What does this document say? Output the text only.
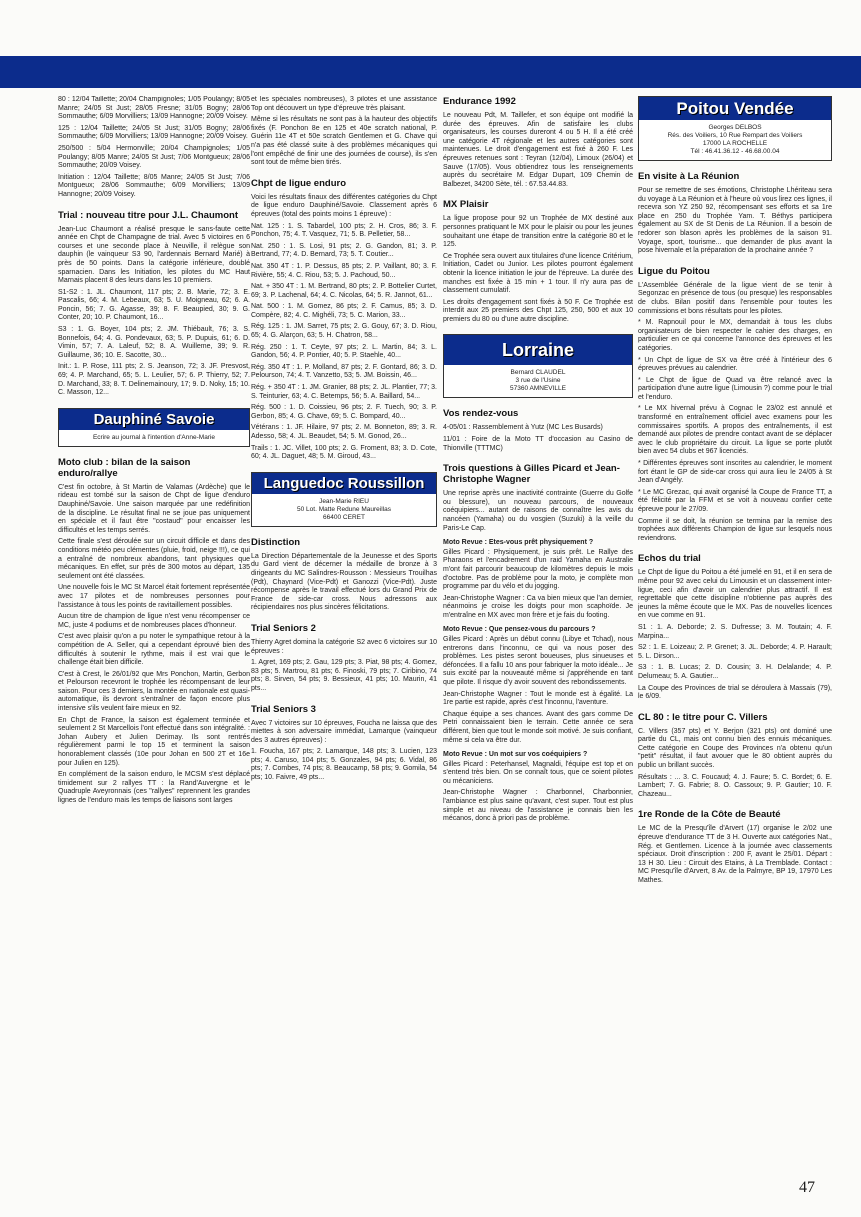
80 : 12/04 Taillette; 20/04 Champignoles; 1/05 Poulangy; 8/05 Manre; 24/05 St Just; 28/05 Fresne; 31/05 Bogny; 28/06 Sommauthe; 6/09 Morvilliers; 13/09 Hannogne; 20/09 Voisey.

125 : 12/04 Taillette; 24/05 St Just; 31/05 Bogny; 28/06 Sommauthe; 6/09 Morvilliers; 13/09 Hannogne; 20/09 Voisey.

250/500 : 5/04 Hermonville; 20/04 Champignoles; 1/05 Poulangy; 8/05 Manre; 24/05 St Just; 7/06 Montgueux; 28/06 Sommauthe; 20/09 Voisey.

Initiation : 12/04 Taillette; 8/05 Manre; 24/05 St Just; 7/06 Montgueux; 28/06 Sommauthe; 6/09 Morvilliers; 13/09 Hannogne; 20/09 Voisey.

Trial : nouveau titre pour J.L. Chaumont

Jean-Luc Chaumont a réalisé presque le sans-faute cette année en Chpt de Champagne de trial. Avec 5 victoires en 6 courses et une seconde place à Neuville, il relègue son dauphin (le vainqueur S3 90, l'ardennais Bernard Marié) à près de 50 points. Dans la catégorie inférieure, doublé sparnacien. Dans les Initiation, les pilotes du MC Haut Marnais placent 8 des leurs dans les 10 premiers.

S1-S2 : 1. JL. Chaumont, 117 pts; 2. B. Marie, 72; 3. E. Pascalis, 66; 4. M. Lebeaux, 63; 5. U. Moigneau, 62; 6. A. Poncin, 56; 7. G. Agasse, 39; 8. F. Beaupied, 30; 9. G. Conter, 20; 10. P. Chaumont, 16...

S3 : 1. G. Boyer, 104 pts; 2. JM. Thiébault, 76; 3. S. Bonnefois, 64; 4. G. Pondevaux, 63; 5. P. Dupuis, 61; 6. D. Vimin, 57; 7. A. Laleuf, 52; 8. A. Wuilleme, 39; 9. R. Guillaume, 36; 10. E. Sacotte, 30...

Init.: 1. P. Rose, 111 pts; 2. S. Jeanson, 72; 3. JF. Presvost, 69; 4. P. Marchand, 65; 5. L. Leulier, 57; 6. P. Thierry, 52; 7. D. Marchand, 33; 8. T. Delinemainoury, 17; 9. D. Noky, 15; 10. C. Masson, 12...

Dauphiné Savoie
Ecrire au journal à l'intention d'Anne-Marie
Moto club : bilan de la saison enduro/rallye

C'est fin octobre, à St Martin de Valamas (Ardèche) que le rideau est tombé sur la saison de Chpt de ligue d'enduro Dauphiné/Savoie. Une saison marquée par une redéfinition de la discipline. Le résultat final ne se joue pas uniquement en spéciale et il faut être "costaud" pour encaisser les difficultés et les temps serrés.

Cette finale s'est déroulée sur un circuit difficile et dans des conditions météo peu clémentes (pluie, froid, neige !!!), ce qui a entraîné de nombreux abandons, tant physiques que mécaniques. En effet, sur près de 300 motos au départ, 135 seulement ont été classées.

Une nouvelle fois le MC St Marcel était fortement représentée avec 17 pilotes et de nombreuses personnes pour l'assistance à tous les points de ravitaillement possibles.

Aucun titre de champion de ligue n'est venu récompenser ce MC, juste 4 podiums et de nombreuses places d'honneur.

C'est avec plaisir qu'on a pu noter le sympathique retour à la compétition de A. Seller, qui a cependant éprouvé bien des difficultés à soutenir le rythme, mais il est vrai que le challenge était bien difficile.

C'est à Crest, le 26/01/92 que Mrs Ponchon, Martin, Gerbon et Pelourson recevront le trophée les récompensant de leur saison. Pour ces 3 derniers, la montée en nationale est quasi-automatique, ils devront s'entraîner de façon encore plus intensive s'ils veulent faire mieux en 92.

En Chpt de France, la saison est également terminée et seulement 2 St Marcellois l'ont effectué dans son intégralité. : Johan Aubery et Julien Derimay. Ils sont rentrés régulièrement parmi le top 15 et terminent la saison honorablement classés (10e pour Johan en 500 2T et 16e pour Julien en 125).

En complément de la saison enduro, le MCSM s'est déplacé timidement sur 2 rallyes TT : la Rand'Auvergne et le Quadruple Aveyronnais (ces "rallyes" reprennent les grandes lignes de l'enduro mais les temps de liaisons sont larges

et les spéciales nombreuses), 3 pilotes et une assistance Top ont découvert un type d'épreuve très plaisant.

Même si les résultats ne sont pas à la hauteur des objectifs fixés (F. Ponchon 8e en 125 et 40e scratch national, P. Guérin 11e 4T et 50e scratch Gentlemen et G. Chave qui n'a pas été classé suite à des problèmes mécaniques qui l'ont empêché de finir une des journées de course), ils s'en sont tout de même bien tirés.

Chpt de ligue enduro

Voici les résultats finaux des différentes catégories du Chpt de ligue enduro Dauphiné/Savoie. Classement après 6 épreuves (total des points moins 1 épreuve) :

Nat. 125 : 1. S. Tabardel, 100 pts; 2. H. Cros, 86; 3. F. Ponchon, 75; 4. T. Vasquez, 71; 5. B. Pelletier, 58...

Nat. 250 : 1. S. Losi, 91 pts; 2. G. Gandon, 81; 3. P. Bertrand, 77; 4. D. Bernard, 73; 5. T. Coutier...

Nat. 350 4T : 1. P. Dessus, 85 pts; 2. P. Vaillant, 80; 3. F. Rivière, 55; 4. C. Riou, 53; 5. J. Pachoud, 50...

Nat. + 350 4T : 1. M. Bertrand, 80 pts; 2. P. Bottelier Curtet, 69; 3. P. Lachenal, 64; 4. C. Nicolas, 64; 5. R. Jannot, 61...

Nat. 500 : 1. M. Gomez, 86 pts; 2. F. Camus, 85; 3. D. Compère, 82; 4. C. Mighéli, 73; 5. C. Marion, 33...

Rég. 125 : 1. JM. Sarret, 75 pts; 2. G. Gouy, 67; 3. D. Riou, 65; 4. G. Alarçon, 63; 5. H. Chatron, 58...

Rég. 250 : 1. T. Ceyte, 97 pts; 2. L. Martin, 84; 3. L. Gandon, 56; 4. P. Pontier, 40; 5. P. Staehle, 40...

Rég. 350 4T : 1. P. Molland, 87 pts; 2. F. Gontard, 86; 3. D. Pelourson, 74; 4. T. Vanzetto, 53; 5. JM. Boissin, 46...

Rég. + 350 4T : 1. JM. Granier, 88 pts; 2. JL. Plantier, 77; 3. S. Teinturier, 63; 4. C. Betemps, 56; 5. A. Baillard, 54...

Rég. 500 : 1. D. Coissieu, 96 pts; 2. F. Tuech, 90; 3. P. Gerbon, 85; 4. G. Chave, 69; 5. C. Bompard, 40...

Vétérans : 1. JF. Hilaire, 97 pts; 2. M. Bonneton, 89; 3. R. Adesso, 58; 4. JL. Beaudet, 54; 5. M. Gonod, 26...

Trails : 1. JC. Villet, 100 pts; 2. G. Froment, 83; 3. D. Cote, 60; 4. JL. Daguet, 48; 5. M. Giroud, 43...

Languedoc Roussillon
Jean-Marie RIEU
50 Lot. Matte Redune Maureillas
66400 CERET
Distinction

La Direction Départementale de la Jeunesse et des Sports du Gard vient de décerner la médaille de bronze à 3 dirigeants du MC Salindres-Rousson : Messieurs Trouilhas (Pdt), Chaynard (Vice-Pdt) et Ganozzi (Vice-Pdt). Juste récompense après le travail effectué lors du Grand Prix de France de side-car cross. Nous adressons aux récipiendaires nos plus sincères félicitations.

Trial Seniors 2

Thierry Agret domina la catégorie S2 avec 6 victoires sur 10 épreuves :

1. Agret, 169 pts; 2. Gau, 129 pts; 3. Piat, 98 pts; 4. Gomez, 83 pts; 5. Martrou, 81 pts; 6. Finoski, 79 pts; 7. Ciribino, 74 pts; 8. Sirven, 54 pts; 9. Bessieux, 41 pts; 10. Maurin, 41 pts...

Trial Seniors 3

Avec 7 victoires sur 10 épreuves, Foucha ne laissa que des miettes à son adversaire immédiat, Lamarque (vainqueur des 3 autres épreuves) :

1. Foucha, 167 pts; 2. Lamarque, 148 pts; 3. Lucien, 123 pts; 4. Caruso, 104 pts; 5. Gonzales, 94 pts; 6. Vidal, 86 pts; 7. Combes, 74 pts; 8. Beaucamp, 58 pts; 9. Gomila, 54 pts; 10. Faivre, 49 pts...

Endurance 1992

Le nouveau Pdt, M. Taillefer, et son équipe ont modifié la durée des épreuves. Afin de satisfaire les clubs organisateurs, les courses dureront 4 ou 5 H. Il a été créé une catégorie 4T régionale et les autres catégories sont maintenues. Le droit d'engagement est fixé à 260 F. Les épreuves retenues sont : Teyran (12/04), Limoux (26/04) et Sauve (17/05). Vous obtiendrez tous les renseignements auprès du secrétaire M. Edgar Dupart, 109 Chemin de Balbezet, 34200 Sète, tél. : 67.53.44.83.

MX Plaisir

La ligue propose pour 92 un Trophée de MX destiné aux personnes pratiquant le MX pour le plaisir ou pour les jeunes souhaitant une étape de transition entre la catégorie 80 et le 125.

Ce Trophée sera ouvert aux titulaires d'une licence Critérium, Initiation, Cadet ou Junior. Les pilotes pourront également obtenir la licence initiation le jour de l'épreuve. La durée des manches est fixée à 15 min + 1 tour. Il n'y aura pas de classement cumulatif.

Les droits d'engagement sont fixés à 50 F. Ce Trophée est interdit aux 25 premiers des Chpt 125, 250, 500 et aux 10 premiers du 80 ou d'une autre discipline.

Lorraine
Bernard CLAUDEL
3 rue de l'Usine
57360 AMNEVILLE
Vos rendez-vous

4-05/01 : Rassemblement à Yutz (MC Les Busards)

11/01 : Foire de la Moto TT d'occasion au Casino de Thionville (TTTMC)

Trois questions à Gilles Picard et Jean-Christophe Wagner

Une reprise après une inactivité contrainte (Guerre du Golfe ou blessure), un nouveau parcours, de nouveaux coéquipiers... autant de raisons de connaître les avis du nancéen (Yamaha) ou du vosgien (Suzuki) à la veille du Paris-Le Cap.

Moto Revue : Etes-vous prêt physiquement ?

Gilles Picard : Physiquement, je suis prêt. Le Rallye des Pharaons et l'encadrement d'un raid Yamaha en Australie m'ont fait parcourir beaucoup de kilomètres depuis le mois d'octobre. Pas de problème pour la moto, je complète mon programme par du vélo et du jogging.

Jean-Christophe Wagner : Ca va bien mieux que l'an dernier, néanmoins je croise les doigts pour mon scaphoïde. Je m'entraîne en MX avec mon frère et je fais du footing.

Moto Revue : Que pensez-vous du parcours ?

Gilles Picard : Après un début connu (Libye et Tchad), nous entrerons dans l'inconnu, ce qui va nous poser des problèmes. Les pistes seront boueuses, plus sinueuses et défoncées. Il a fallu 10 ans pour fabriquer la moto idéale... Je suis excité par la nouveauté même si j'appréhende en tant que pilote. Il risque d'y avoir souvent des rebondissements.

Jean-Christophe Wagner : Tout le monde est à égalité. La 1re partie est rapide, après c'est l'inconnu, l'aventure.

Chaque équipe a ses chances. Avant des gars comme De Petri connaissaient bien le terrain. Cette année ce sera différent, bien que tout le monde soit motivé. Je suis confiant, même si cela va être dur.

Moto Revue : Un mot sur vos coéquipiers ?

Gilles Picard : Peterhansel, Magnaldi, l'équipe est top et on s'entend très bien. On se connaît tous, que ce soient pilotes ou mécaniciens.

Jean-Christophe Wagner : Charbonnel, Charbonnier, l'ambiance est plus saine qu'avant, c'est super. Tout est plus simple et au niveau de l'assistance je connais bien les mécanos, donc à priori pas de problème.

Poitou Vendée
Georges DELBOS
Rés. des Voiliers, 10 Rue Rempart des Voiliers
17000 LA ROCHELLE
Tél : 46.41.36.12 - 46.68.00.04
En visite à La Réunion

Pour se remettre de ses émotions, Christophe Lhériteau sera du voyage à La Réunion et à l'heure où vous lirez ces lignes, il recevra son YZ 250 92, récompensant ses efforts et sa 1re place en 250 du Trophée Yam. T. Béthys participera également au SX de St Denis de La Réunion. Il a besoin de redorer son blason après les problèmes de la saison 91. Voyage, sport, tourisme... que demander de plus avant la pose hivernale et la préparation de la prochaine année ?

Ligue du Poitou

L'Assemblée Générale de la ligue vient de se tenir à Segonzac en présence de tous (ou presque) les responsables de clubs. Bilan positif dans l'ensemble pour toutes les commissions et bons résultats pour les pilotes.

* M. Rapnouil pour le MX, demandait à tous les clubs organisateurs de bien respecter le cahier des charges, en particulier en ce qui concerne l'annonce des épreuves et les catégories.

* Un Chpt de ligue de SX va être créé à l'intérieur des 6 épreuves prévues au calendrier.

* Le Chpt de ligue de Quad va être relancé avec la participation d'une autre ligue (Limousin ?) comme pour le trial et l'enduro.

* Le MX hivernal prévu à Cognac le 23/02 est annulé et transformé en entraînement officiel avec examens pour les commissaires sportifs. A propos des entraînements, il est demandé aux pilotes de prendre contact avant de se déplacer avec le club propriétaire du circuit. La ligue se porte plutôt bien avec 54 clubs et 967 licenciés.

* Différentes épreuves sont inscrites au calendrier, le moment fort étant le GP de side-car cross qui aura lieu le 24/05 à St Jean d'Angély.

* Le MC Grezac, qui avait organisé la Coupe de France TT, a été félicité par la FFM et se voit à nouveau confier cette épreuve pour le 27/09.

Comme il se doit, la réunion se termina par la remise des trophées aux différents Champion de ligue sur lesquels nous reviendrons.

Echos du trial

Le Chpt de ligue du Poitou a été jumelé en 91, et il en sera de même pour 92 avec celui du Limousin et un classement inter-ligue, ceci afin d'avoir un calendrier plus attractif. Il est regrettable que cette discipline n'obtienne pas auprès des jeunes la même écoute que le MX. Pas de nouvelles licences en vue comme en 91.

S1 : 1. A. Deborde; 2. S. Dufresse; 3. M. Toutain; 4. F. Marpina...

S2 : 1. E. Loizeau; 2. P. Grenet; 3. JL. Deborde; 4. P. Harault; 5. L. Dirson...

S3 : 1. B. Lucas; 2. D. Cousin; 3. H. Delalande; 4. P. Delumeau; 5. A. Gautier...

La Coupe des Provinces de trial se déroulera à Massais (79), le 6/09.

CL 80 : le titre pour C. Villers

C. Villers (357 pts) et Y. Berjon (321 pts) ont dominé une partie du CL, mais ont connu bien des ennuis mécaniques. Cette catégorie en Coupe des Provinces n'a obtenu qu'un "petit" résultat, il faut avouer que le 80 obtient auprès du public un brillant succès.

Résultats : ... 3. C. Foucaud; 4. J. Faure; 5. C. Bordet; 6. E. Lambert; 7. G. Fabrie; 8. O. Cassoux; 9. P. Gautier; 10. F. Chazeau...

1re Ronde de la Côte de Beauté

Le MC de la Presqu'île d'Arvert (17) organise le 2/02 une épreuve d'endurance TT de 3 H. Ouverte aux catégories Nat., Rég. et Gentlemen. Licence à la journée avec classements spéciaux. Droit d'inscription : 200 F, avant le 25/01. Départ : 13 H 30. Lieu : Circuit des Etains, à La Tremblade. Contact : MC Presqu'île d'Arvert, 8 Av. de la Palmyre, BP 19, 17970 Les Mathes.

47
